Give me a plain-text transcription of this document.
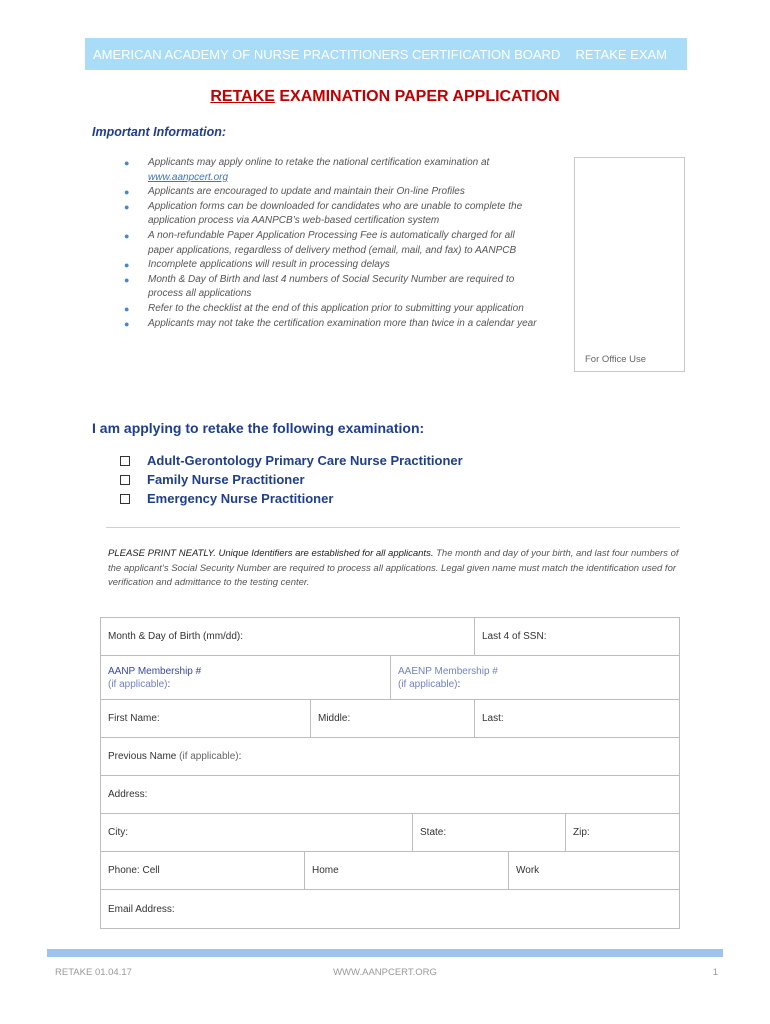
AMERICAN ACADEMY OF NURSE PRACTITIONERS CERTIFICATION BOARD RETAKE EXAM
RETAKE EXAMINATION PAPER APPLICATION
Important Information:
● Applicants may apply online to retake the national certification examination at
www.aanpcert.org
● Applicants are encouraged to update and maintain their On-line Profiles
● Application forms can be downloaded for candidates who are unable to complete the application process via AANPCB’s web-based certification system
● A non-refundable Paper Application Processing Fee is automatically charged for all paper applications, regardless of delivery method (email, mail, and fax) to AANPCB
● Incomplete applications will result in processing delays
● Month & Day of Birth and last 4 numbers of Social Security Number are required to process all applications
● Refer to the checklist at the end of this application prior to submitting your application
● Applicants may not take the certification examination more than twice in a calendar year
For Office Use
I am applying to retake the following examination:
Adult-Gerontology Primary Care Nurse Practitioner
Family Nurse Practitioner
Emergency Nurse Practitioner
PLEASE PRINT NEATLY. Unique Identifiers are established for all applicants. The month and day of your birth, and last four numbers of the applicant’s Social Security Number are required to process all applications. Legal given name must match the identification used for verification and admittance to the testing center.
Month & Day of Birth (mm/dd):	Last 4 of SSN:
AANP Membership #
(if applicable):
AAENP Membership #
(if applicable):
First Name:	Middle:	Last:
Previous Name
(if applicable) :
Address:
City:	State:	Zip:
Phone: Cell	Home	Work
Email Address:
RETAKE 01.04.17	WWW.AANPCERT.ORG	1
